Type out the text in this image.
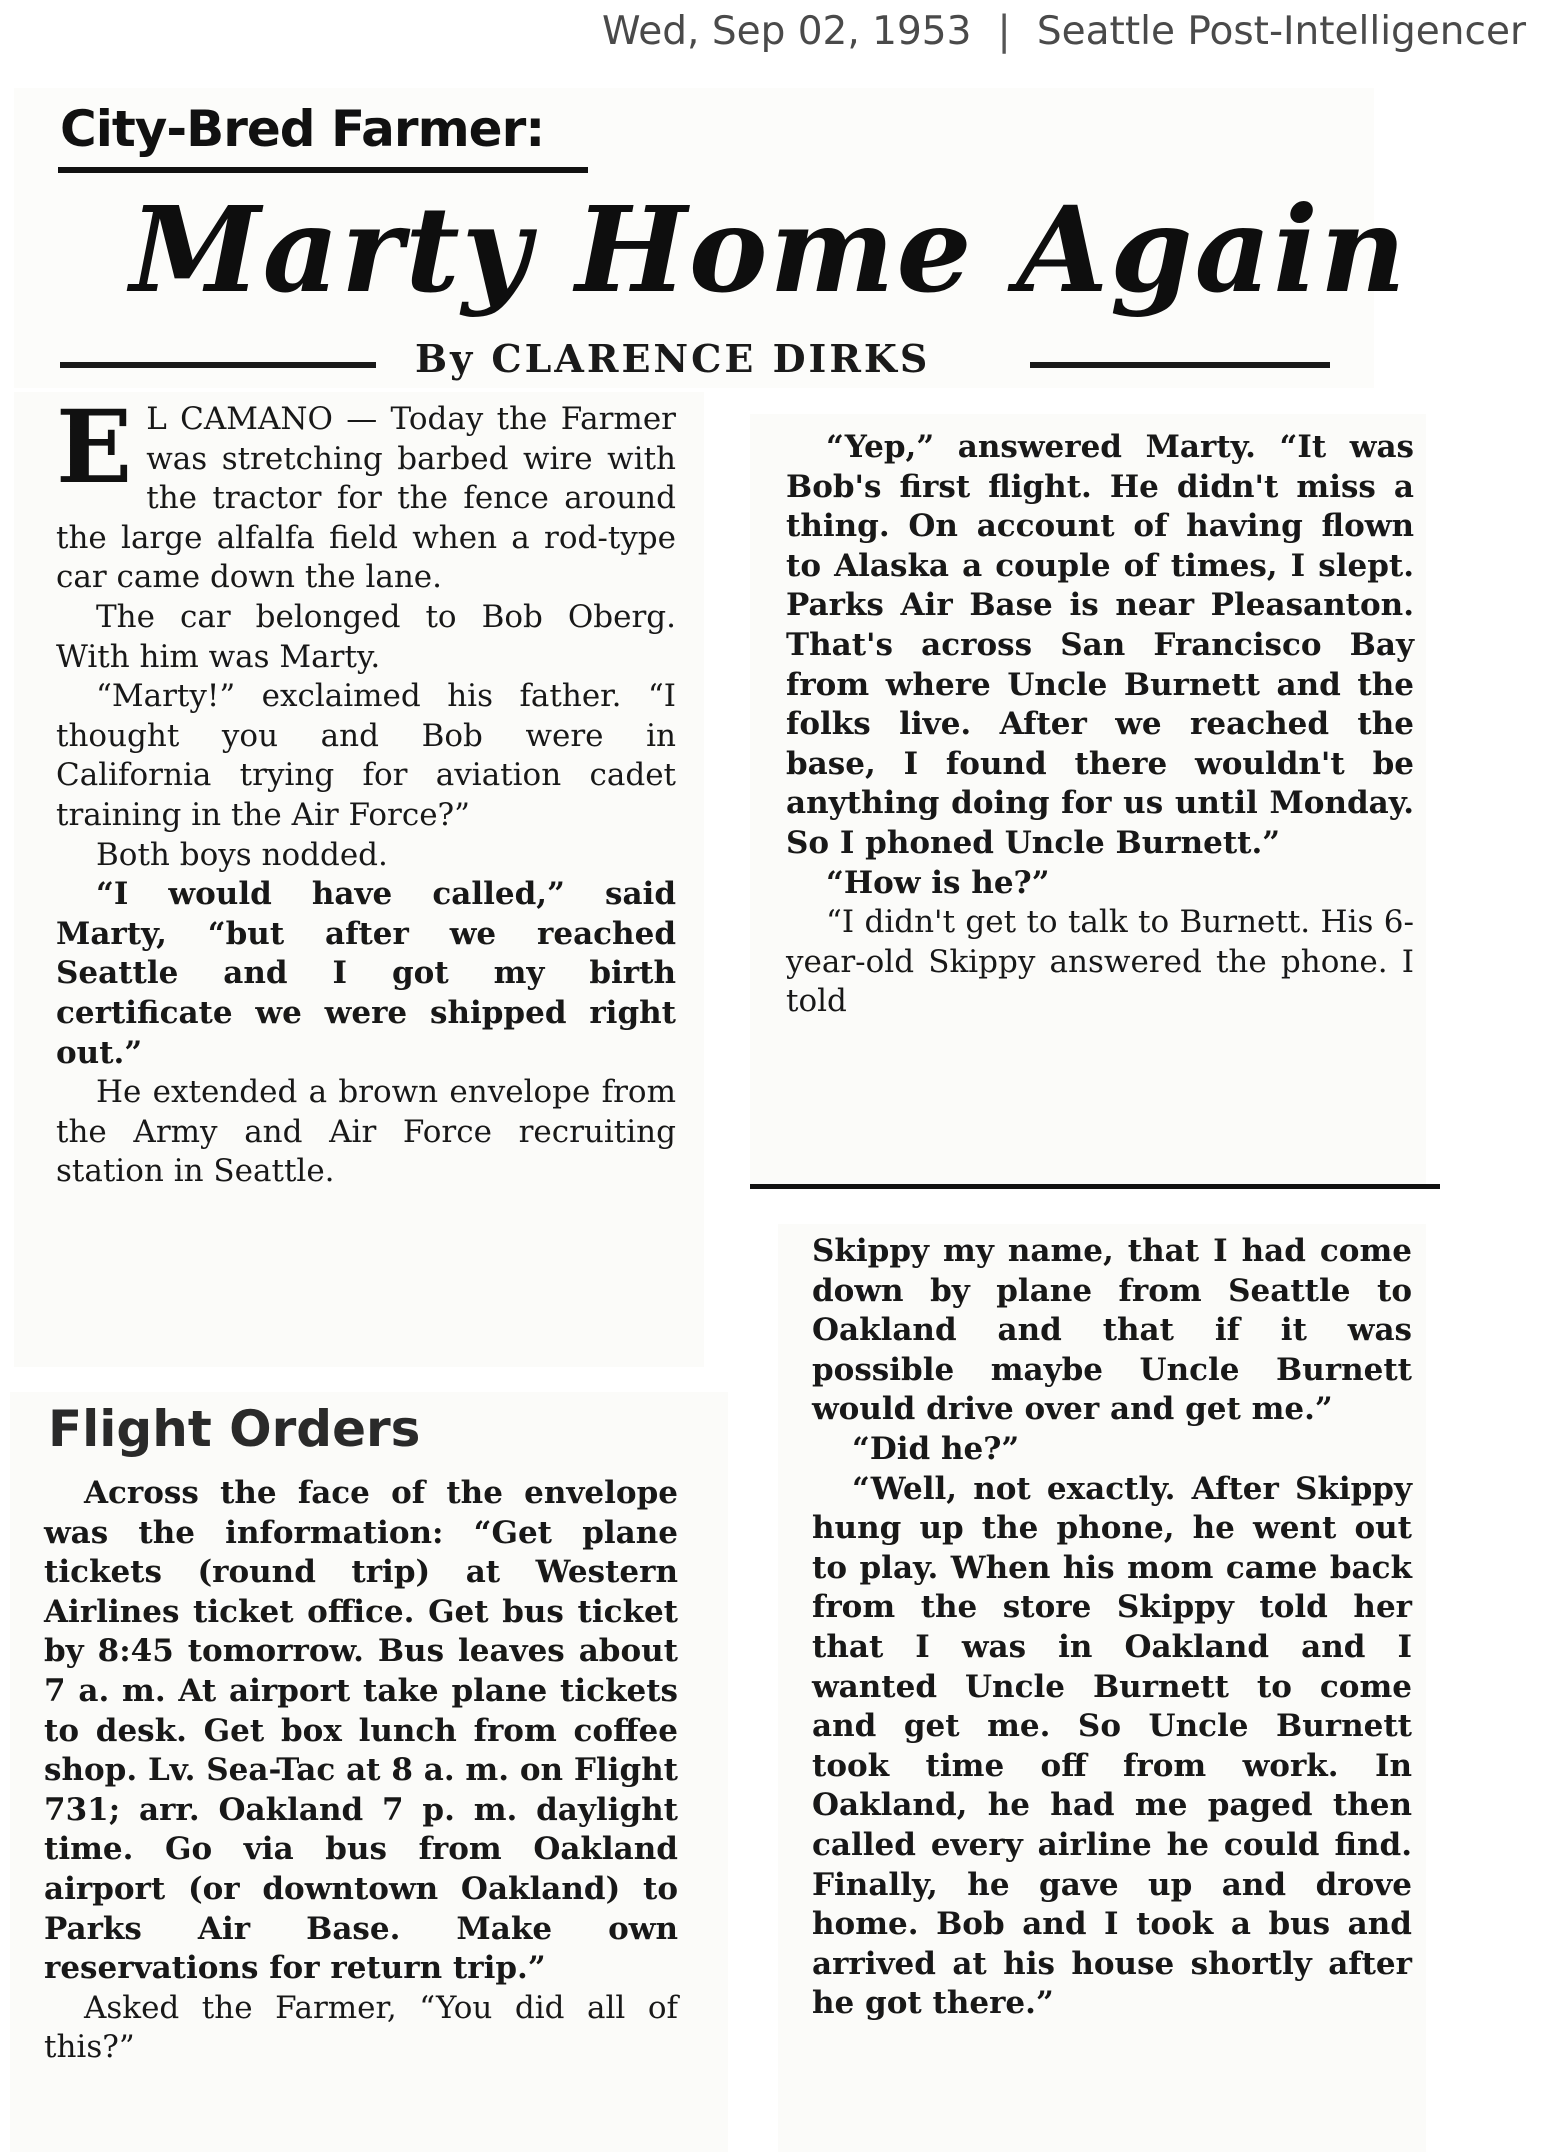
Wed, Sep 02, 1953 | Seattle Post-Intelligencer
City-Bred Farmer:
Marty Home Again
By CLARENCE DIRKS

E L CAMANO — Today the Farmer was stretching barbed wire with the tractor for the fence around the large alfalfa field when a rod-type car came down the lane.

The car belonged to Bob Oberg. With him was Marty.

“Marty!” exclaimed his father. “I thought you and Bob were in California trying for aviation cadet training in the Air Force?”

Both boys nodded.

“I would have called,” said Marty, “but after we reached Seattle and I got my birth certificate we were shipped right out.”

He extended a brown envelope from the Army and Air Force recruiting station in Seattle.

Flight Orders

Across the face of the envelope was the information: “Get plane tickets (round trip) at Western Airlines ticket office. Get bus ticket by 8:45 tomorrow. Bus leaves about 7 a. m. At airport take plane tickets to desk. Get box lunch from coffee shop. Lv. Sea-Tac at 8 a. m. on Flight 731; arr. Oakland 7 p. m. daylight time. Go via bus from Oakland airport (or downtown Oakland) to Parks Air Base. Make own reservations for return trip.”

Asked the Farmer, “You did all of this?”

“Yep,” answered Marty. “It was Bob's first flight. He didn't miss a thing. On account of having flown to Alaska a couple of times, I slept. Parks Air Base is near Pleasanton. That's across San Francisco Bay from where Uncle Burnett and the folks live. After we reached the base, I found there wouldn't be anything doing for us until Monday. So I phoned Uncle Burnett.”

“How is he?”

“I didn't get to talk to Burnett. His 6-year-old Skippy answered the phone. I told

Skippy my name, that I had come down by plane from Seattle to Oakland and that if it was possible maybe Uncle Burnett would drive over and get me.”

“Did he?”

“Well, not exactly. After Skippy hung up the phone, he went out to play. When his mom came back from the store Skippy told her that I was in Oakland and I wanted Uncle Burnett to come and get me. So Uncle Burnett took time off from work. In Oakland, he had me paged then called every airline he could find. Finally, he gave up and drove home. Bob and I took a bus and arrived at his house shortly after he got there.”
